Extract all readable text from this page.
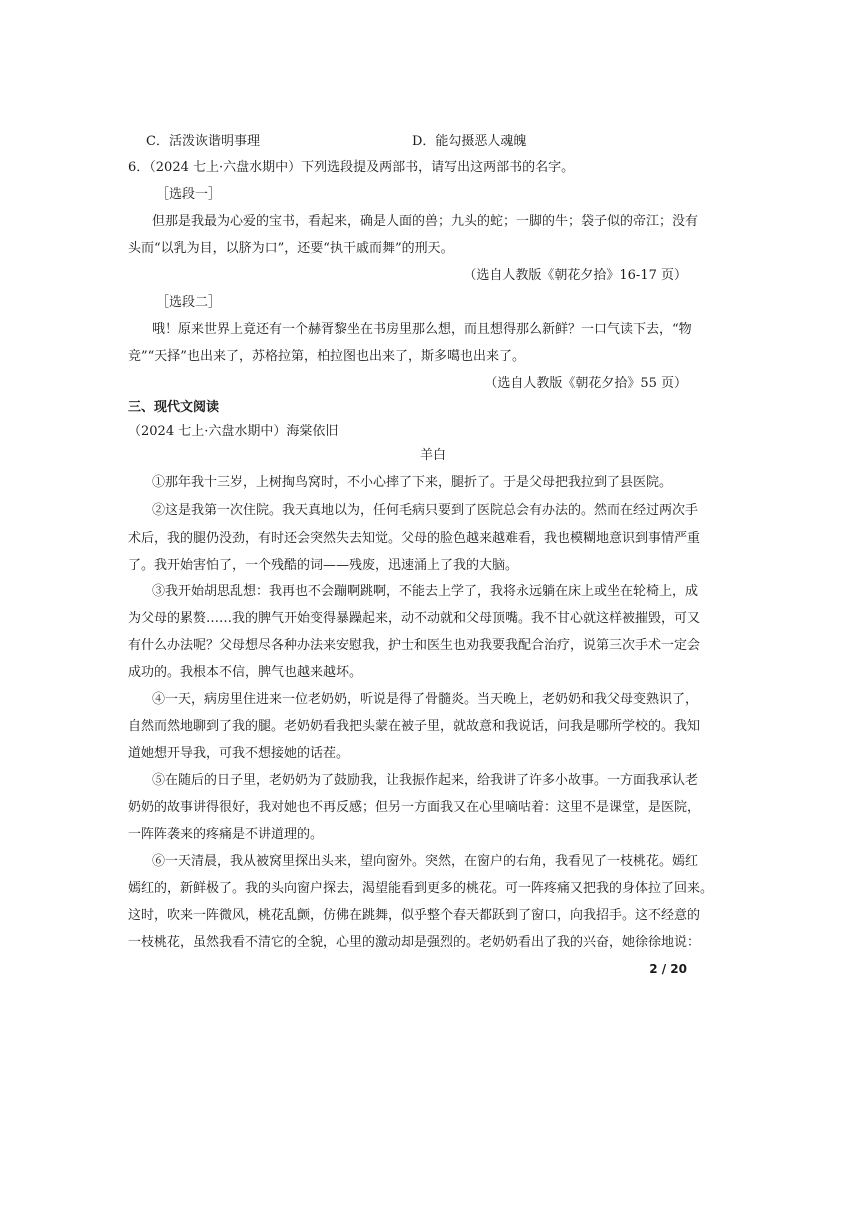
C．活泼诙谐明事理	D．能勾摄恶人魂魄
6．（2024 七上·六盘水期中）下列选段提及两部书，请写出这两部书的名字。
［选段一］
但那是我最为心爱的宝书，看起来，确是人面的兽；九头的蛇；一脚的牛；袋子似的帝江；没有
头而“以乳为目，以脐为口”，还要“执干戚而舞”的刑天。
（选自人教版《朝花夕拾》16-17 页）
［选段二］
哦！原来世界上竟还有一个赫胥黎坐在书房里那么想，而且想得那么新鲜？一口气读下去，“物
竞”“天择”也出来了，苏格拉第，柏拉图也出来了，斯多噶也出来了。
（选自人教版《朝花夕拾》55 页）
三、现代文阅读
（2024 七上·六盘水期中）海棠依旧
羊白
①那年我十三岁，上树掏鸟窝时，不小心摔了下来，腿折了。于是父母把我拉到了县医院。
②这是我第一次住院。我天真地以为，任何毛病只要到了医院总会有办法的。然而在经过两次手
术后，我的腿仍没劲，有时还会突然失去知觉。父母的脸色越来越难看，我也模糊地意识到事情严重
了。我开始害怕了，一个残酷的词——残废，迅速涌上了我的大脑。
③我开始胡思乱想：我再也不会蹦啊跳啊，不能去上学了，我将永远躺在床上或坐在轮椅上，成
为父母的累赘……我的脾气开始变得暴躁起来，动不动就和父母顶嘴。我不甘心就这样被摧毁，可又
有什么办法呢？父母想尽各种办法来安慰我，护士和医生也劝我要我配合治疗，说第三次手术一定会
成功的。我根本不信，脾气也越来越坏。
④一天，病房里住进来一位老奶奶，听说是得了骨髓炎。当天晚上，老奶奶和我父母变熟识了，
自然而然地聊到了我的腿。老奶奶看我把头蒙在被子里，就故意和我说话，问我是哪所学校的。我知
道她想开导我，可我不想接她的话茬。
⑤在随后的日子里，老奶奶为了鼓励我，让我振作起来，给我讲了许多小故事。一方面我承认老
奶奶的故事讲得很好，我对她也不再反感；但另一方面我又在心里嘀咕着：这里不是课堂，是医院，
一阵阵袭来的疼痛是不讲道理的。
⑥一天清晨，我从被窝里探出头来，望向窗外。突然，在窗户的右角，我看见了一枝桃花。嫣红
嫣红的，新鲜极了。我的头向窗户探去，渴望能看到更多的桃花。可一阵疼痛又把我的身体拉了回来。
这时，吹来一阵微风，桃花乱颤，仿佛在跳舞，似乎整个春天都跃到了窗口，向我招手。这不经意的
一枝桃花，虽然我看不清它的全貌，心里的激动却是强烈的。老奶奶看出了我的兴奋，她徐徐地说：
2 / 20
